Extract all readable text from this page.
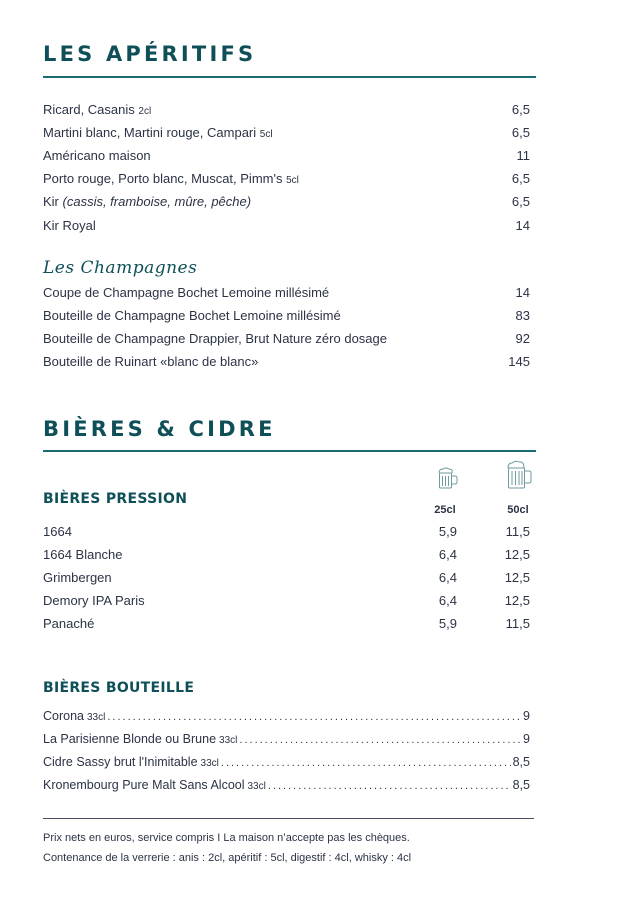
LES APÉRITIFS
Ricard, Casanis 2cl	6,5
Martini blanc, Martini rouge, Campari 5cl	6,5
Américano maison	11
Porto rouge, Porto blanc, Muscat, Pimm's 5cl	6,5
Kir (cassis, framboise, mûre, pêche)	6,5
Kir Royal	14
Les Champagnes
Coupe de Champagne Bochet Lemoine millésimé	14
Bouteille de Champagne Bochet Lemoine millésimé	83
Bouteille de Champagne Drappier, Brut Nature zéro dosage	92
Bouteille de Ruinart «blanc de blanc»	145
BIÈRES & CIDRE
BIÈRES PRESSION
25cl	50cl
1664	5,9	11,5
1664 Blanche	6,4	12,5
Grimbergen	6,4	12,5
Demory IPA Paris	6,4	12,5
Panaché	5,9	11,5
BIÈRES BOUTEILLE
Corona 33cl .....	9
La Parisienne Blonde ou Brune 33cl .....	9
Cidre Sassy brut l'Inimitable 33cl .....	8,5
Kronembourg Pure Malt Sans Alcool 33cl .....	8,5
Prix nets en euros, service compris I La maison n’accepte pas les chèques.
Contenance de la verrerie : anis : 2cl, apéritif : 5cl, digestif : 4cl, whisky : 4cl
